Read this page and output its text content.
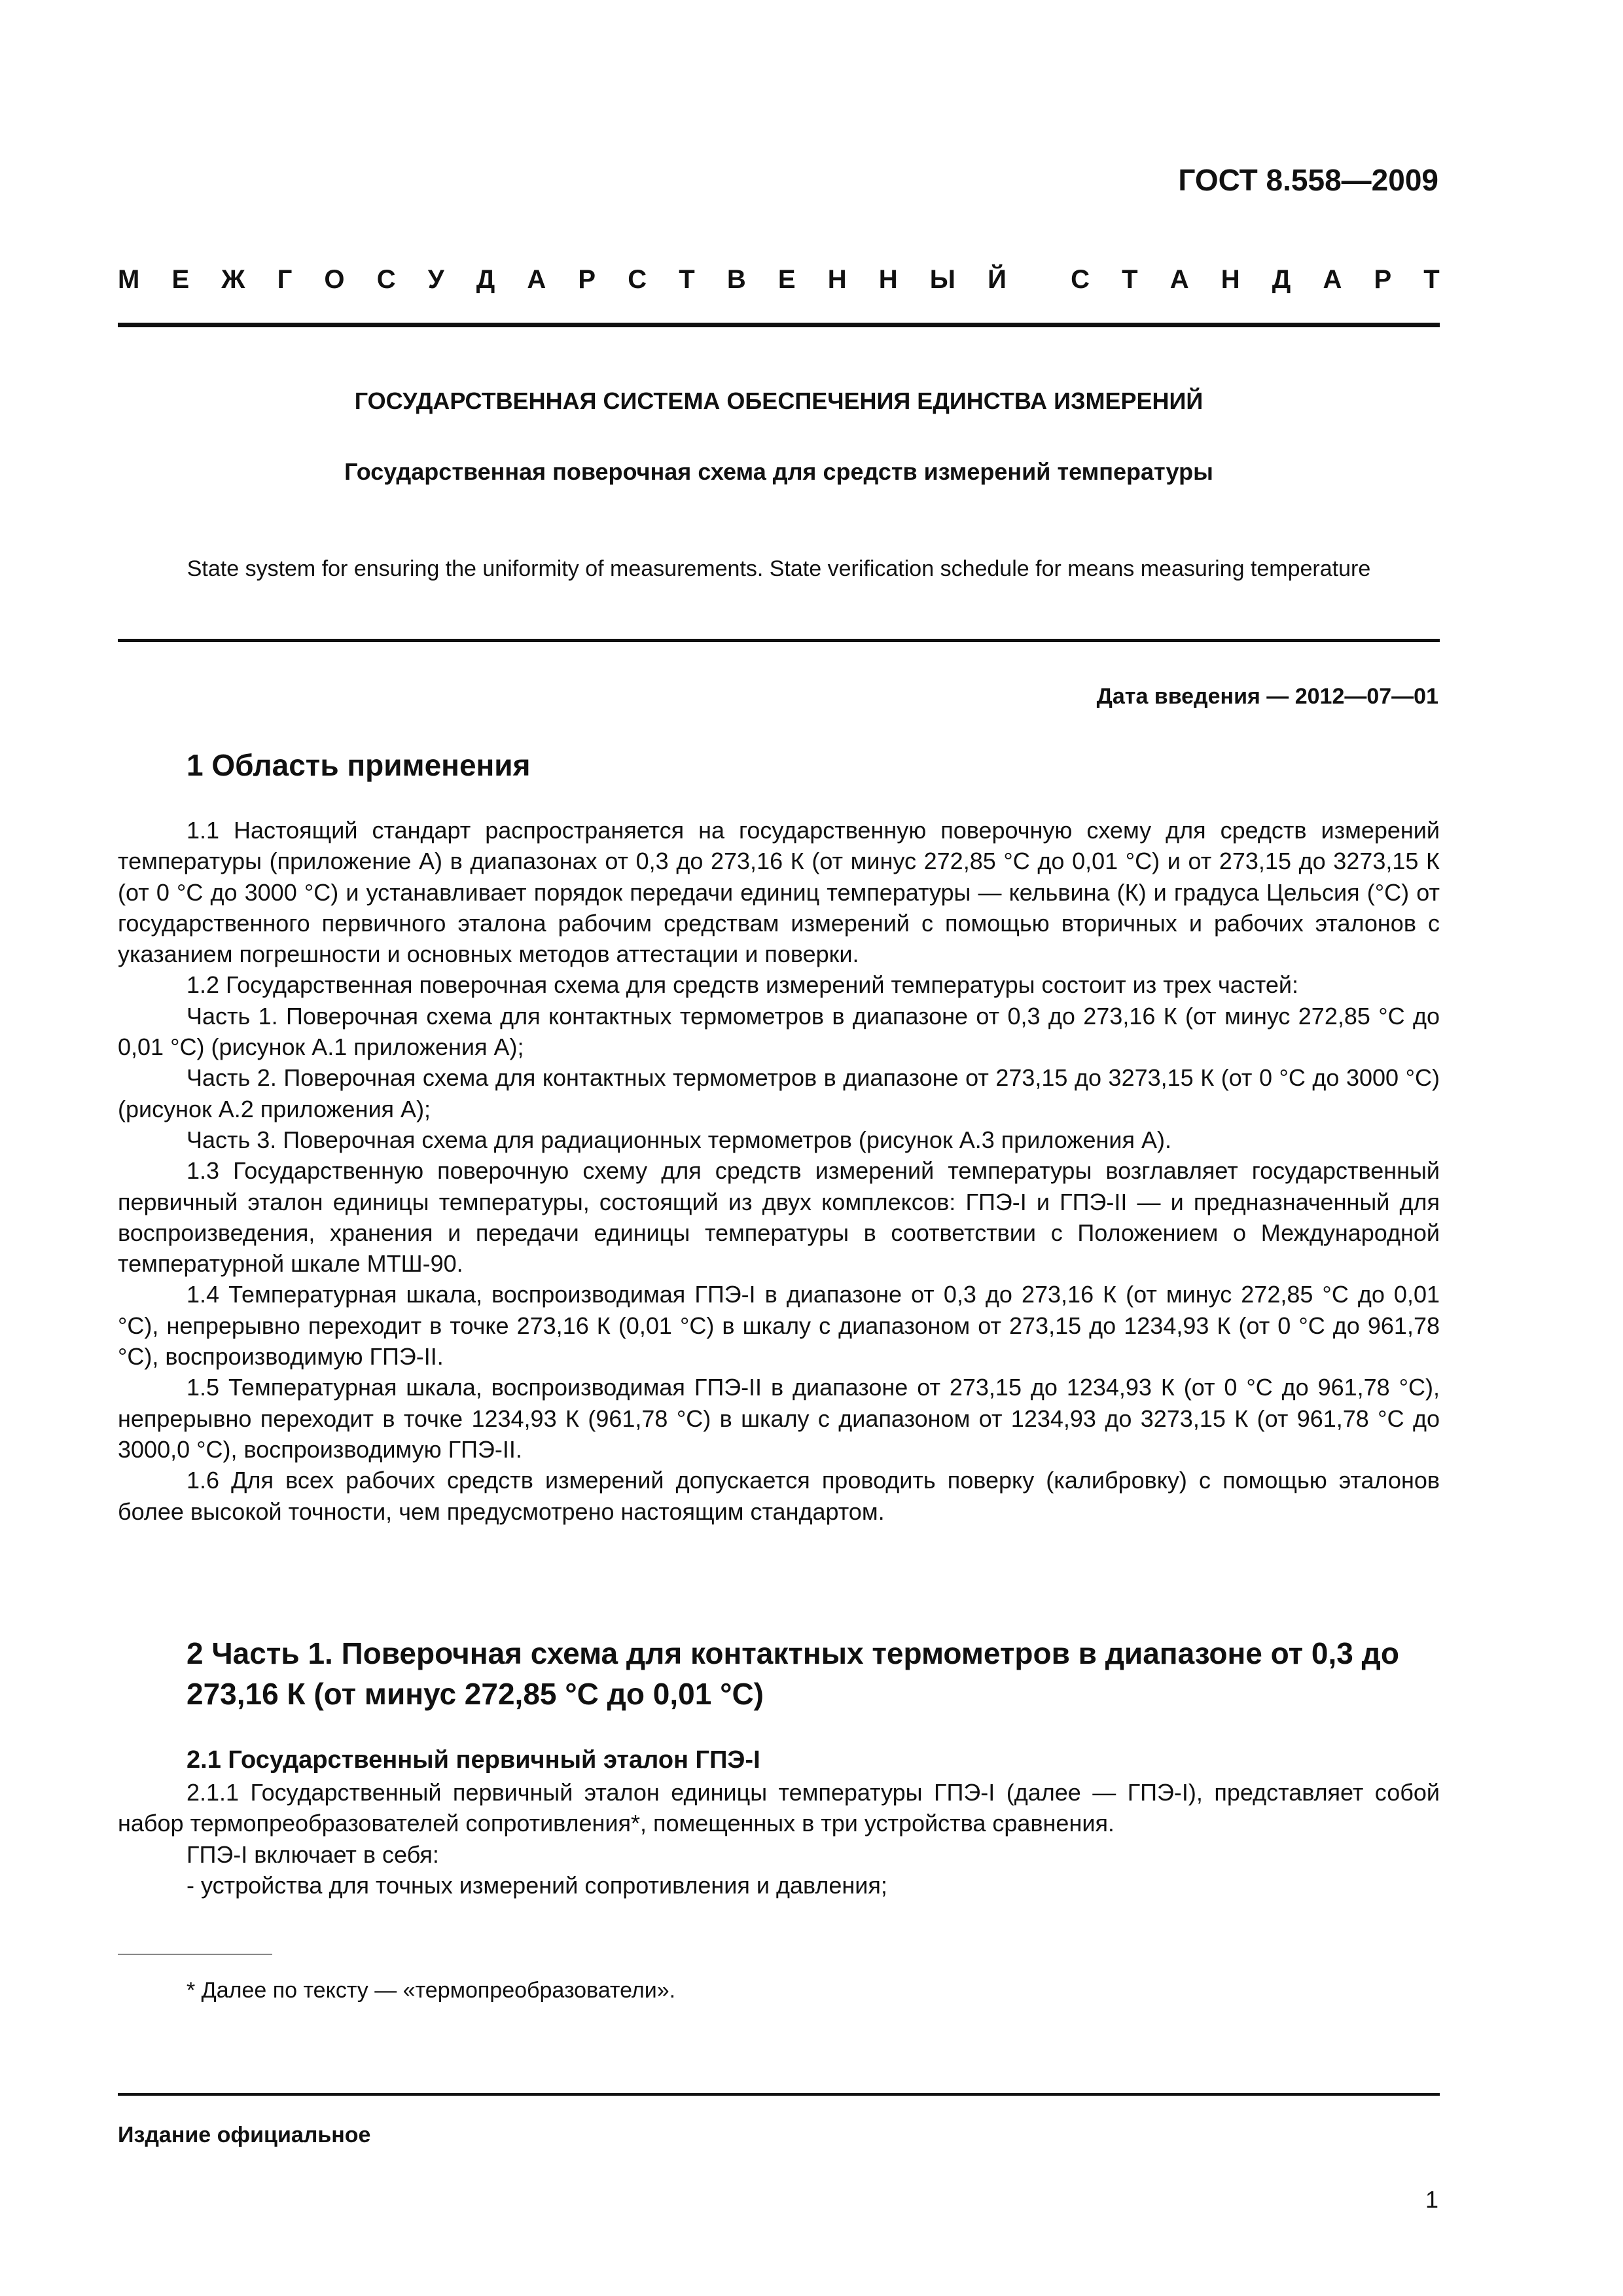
ГОСТ 8.558—2009
М Е Ж Г О С У Д А Р С Т В Е Н Н Ы Й С Т А Н Д А Р Т
ГОСУДАРСТВЕННАЯ СИСТЕМА ОБЕСПЕЧЕНИЯ ЕДИНСТВА ИЗМЕРЕНИЙ
Государственная поверочная схема для средств измерений температуры
State system for ensuring the uniformity of measurements. State verification schedule for means measuring temperature
Дата введения — 2012—07—01
1 Область применения

1.1 Настоящий стандарт распространяется на государственную поверочную схему для средств измерений температуры (приложение А) в диапазонах от 0,3 до 273,16 К (от минус 272,85 °С до 0,01 °С) и от 273,15 до 3273,15 К (от 0 °С до 3000 °С) и устанавливает порядок передачи единиц температуры — кельвина (К) и градуса Цельсия (°С) от государственного первичного эталона рабочим средствам измерений с помощью вторичных и рабочих эталонов с указанием погрешности и основных методов аттестации и поверки.

1.2 Государственная поверочная схема для средств измерений температуры состоит из трех частей:

Часть 1. Поверочная схема для контактных термометров в диапазоне от 0,3 до 273,16 К (от минус 272,85 °С до 0,01 °С) (рисунок А.1 приложения А);

Часть 2. Поверочная схема для контактных термометров в диапазоне от 273,15 до 3273,15 К (от 0 °С до 3000 °С) (рисунок А.2 приложения А);

Часть 3. Поверочная схема для радиационных термометров (рисунок А.3 приложения А).

1.3 Государственную поверочную схему для средств измерений температуры возглавляет государственный первичный эталон единицы температуры, состоящий из двух комплексов: ГПЭ-I и ГПЭ-II — и предназначенный для воспроизведения, хранения и передачи единицы температуры в соответствии с Положением о Международной температурной шкале МТШ-90.

1.4 Температурная шкала, воспроизводимая ГПЭ-I в диапазоне от 0,3 до 273,16 К (от минус 272,85 °С до 0,01 °С), непрерывно переходит в точке 273,16 К (0,01 °С) в шкалу с диапазоном от 273,15 до 1234,93 К (от 0 °С до 961,78 °С), воспроизводимую ГПЭ-II.

1.5 Температурная шкала, воспроизводимая ГПЭ-II в диапазоне от 273,15 до 1234,93 К (от 0 °С до 961,78 °С), непрерывно переходит в точке 1234,93 К (961,78 °С) в шкалу с диапазоном от 1234,93 до 3273,15 К (от 961,78 °С до 3000,0 °С), воспроизводимую ГПЭ-II.

1.6 Для всех рабочих средств измерений допускается проводить поверку (калибровку) с помощью эталонов более высокой точности, чем предусмотрено настоящим стандартом.

2 Часть 1. Поверочная схема для контактных термометров в диапазоне от 0,3 до 273,16 К (от минус 272,85 °С до 0,01 °С)
2.1 Государственный первичный эталон ГПЭ-I

2.1.1 Государственный первичный эталон единицы температуры ГПЭ-I (далее — ГПЭ-I), представляет собой набор термопреобразователей сопротивления*, помещенных в три устройства сравнения.

ГПЭ-I включает в себя:

- устройства для точных измерений сопротивления и давления;

* Далее по тексту — «термопреобразователи».
Издание официальное
1
